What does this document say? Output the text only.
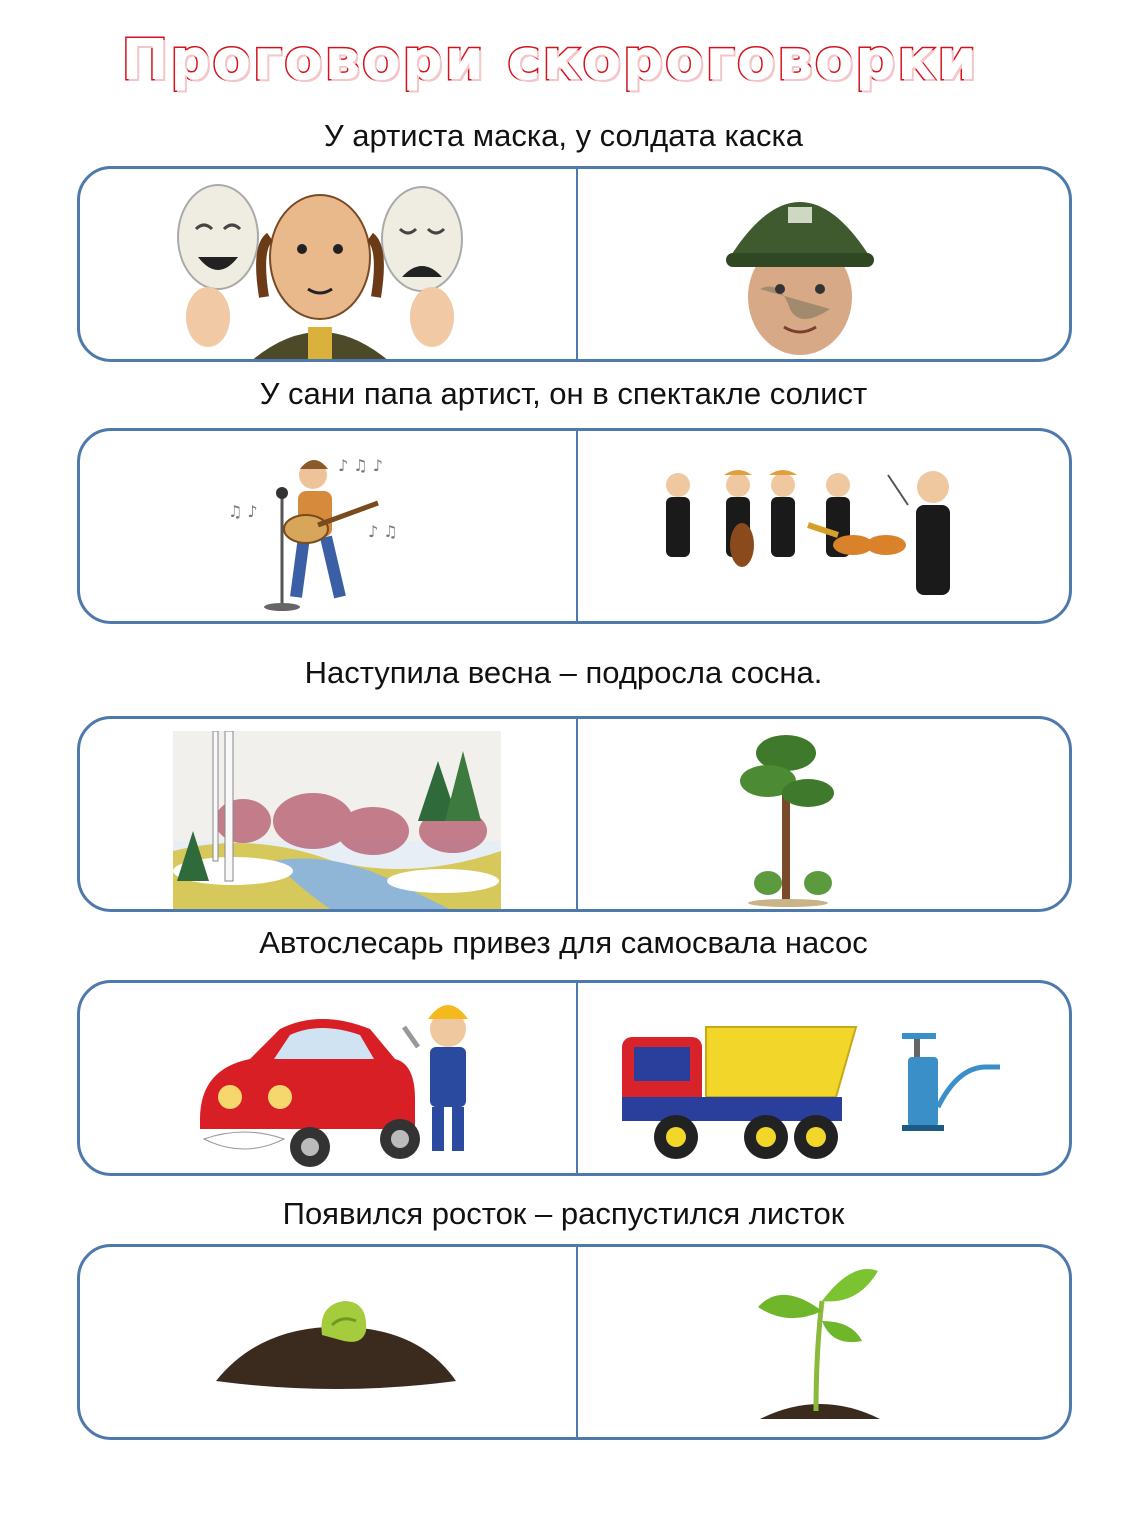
Проговори скороговорки
У артиста маска, у солдата каска
У сани папа артист, он в спектакле солист
♪ ♫ ♪
♫ ♪
♪ ♫
Наступила весна – подросла сосна.
Автослесарь привез для самосвала насос
Появился росток – распустился листок
